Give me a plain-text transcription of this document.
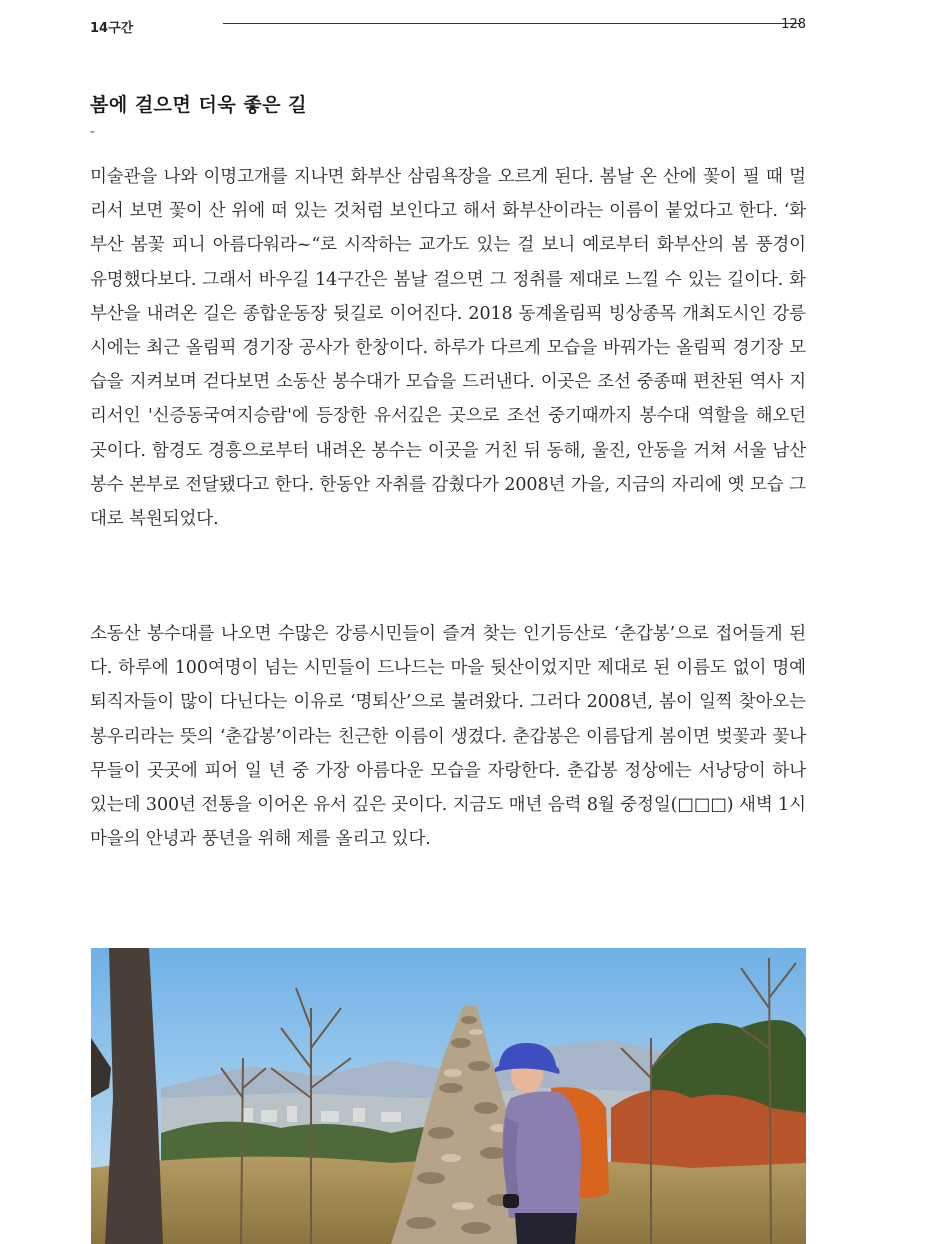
14구간	128
봄에 걸으면 더욱 좋은 길
-

미술관을 나와 이명고개를 지나면 화부산 삼림욕장을 오르게 된다. 봄날 온 산에 꽃이 필 때 멀리서 보면 꽃이 산 위에 떠 있는 것처럼 보인다고 해서 화부산이라는 이름이 붙었다고 한다. ‘화부산 봄꽃 피니 아름다워라~“로 시작하는 교가도 있는 걸 보니 예로부터 화부산의 봄 풍경이 유명했다보다. 그래서 바우길 14구간은 봄날 걸으면 그 정취를 제대로 느낄 수 있는 길이다. 화부산을 내려온 길은 종합운동장 뒷길로 이어진다. 2018 동계올림픽 빙상종목 개최도시인 강릉시에는 최근 올림픽 경기장 공사가 한창이다. 하루가 다르게 모습을 바꿔가는 올림픽 경기장 모습을 지켜보며 걷다보면 소동산 봉수대가 모습을 드러낸다. 이곳은 조선 중종때 편찬된 역사 지리서인 '신증동국여지승람'에 등장한 유서깊은 곳으로 조선 중기때까지 봉수대 역할을 해오던 곳이다. 함경도 경흥으로부터 내려온 봉수는 이곳을 거친 뒤 동해, 울진, 안동을 거쳐 서울 남산 봉수 본부로 전달됐다고 한다. 한동안 자취를 감췄다가 2008년 가을, 지금의 자리에 옛 모습 그대로 복원되었다.

소동산 봉수대를 나오면 수많은 강릉시민들이 즐겨 찾는 인기등산로 ‘춘갑봉’으로 접어들게 된다. 하루에 100여명이 넘는 시민들이 드나드는 마을 뒷산이었지만 제대로 된 이름도 없이 명예퇴직자들이 많이 다닌다는 이유로 ‘명퇴산’으로 불려왔다. 그러다 2008년, 봄이 일찍 찾아오는 봉우리라는 뜻의 ‘춘갑봉’이라는 친근한 이름이 생겼다. 춘갑봉은 이름답게 봄이면 벚꽃과 꽃나무들이 곳곳에 피어 일 년 중 가장 아름다운 모습을 자랑한다. 춘갑봉 정상에는 서낭당이 하나 있는데 300년 전통을 이어온 유서 깊은 곳이다. 지금도 매년 음력 8월 중정일(□□□) 새벽 1시 마을의 안녕과 풍년을 위해 제를 올리고 있다.
